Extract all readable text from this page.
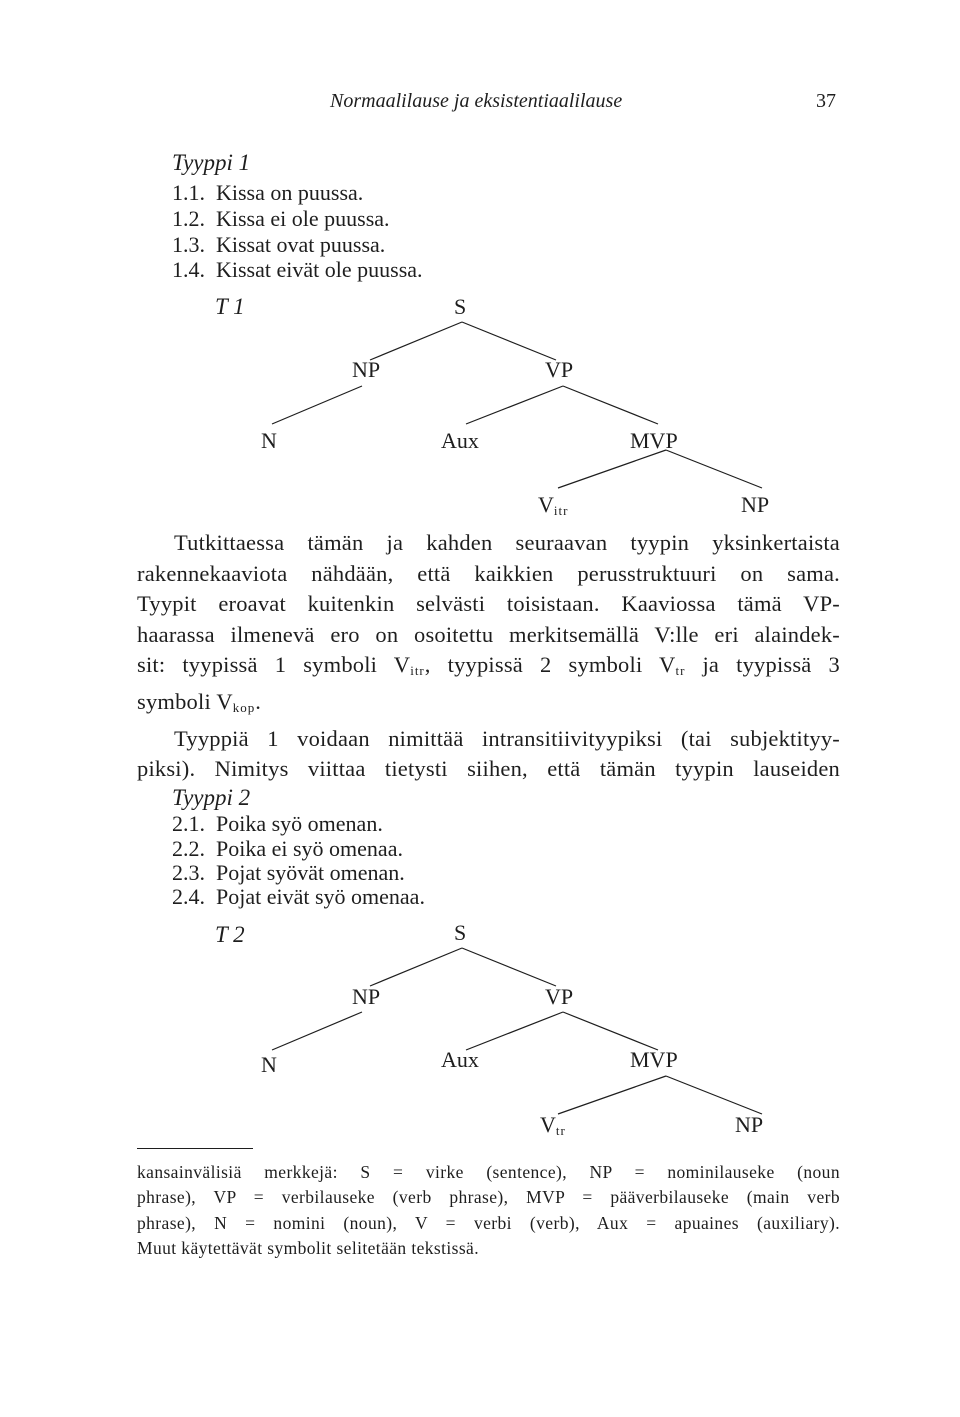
Normaalilause ja eksistentiaalilause	37
Tyyppi 1
1.1. Kissa on puussa.
1.2. Kissa ei ole puussa.
1.3. Kissat ovat puussa.
1.4. Kissat eivät ole puussa.
T 1	S
NP	VP
N	Aux	MVP
$V_{itr}$	NP

Tutkittaessa tämän ja kahden seuraavan tyypin yksinkertaista
rakennekaaviota nähdään, että kaikkien perusstruktuuri on sama.
Tyypit eroavat kuitenkin selvästi toisistaan. Kaaviossa tämä VP-
haarassa ilmenevä ero on osoitettu merkitsemällä V:lle eri alaindek-
sit: tyypissä 1 symboli $V_{itr}$, tyypissä 2 symboli $V_{tr}$ ja tyypissä 3
symboli $V_{kop}$.

Tyyppiä 1 voidaan nimittää intransitiivityypiksi (tai subjektityy-
piksi). Nimitys viittaa tietysti siihen, että tämän tyypin lauseiden

Tyyppi 2
2.1. Poika syö omenan.
2.2. Poika ei syö omenaa.
2.3. Pojat syövät omenan.
2.4. Pojat eivät syö omenaa.
T 2	S
NP	VP
N	Aux	MVP
$V_{tr}$	NP
kansainvälisiä merkkejä: S = virke (sentence), NP = nominilauseke (noun
phrase), VP = verbilauseke (verb phrase), MVP = pääverbilauseke (main verb
phrase), N = nomini (noun), V = verbi (verb), Aux = apuaines (auxiliary).
Muut käytettävät symbolit selitetään tekstissä.
